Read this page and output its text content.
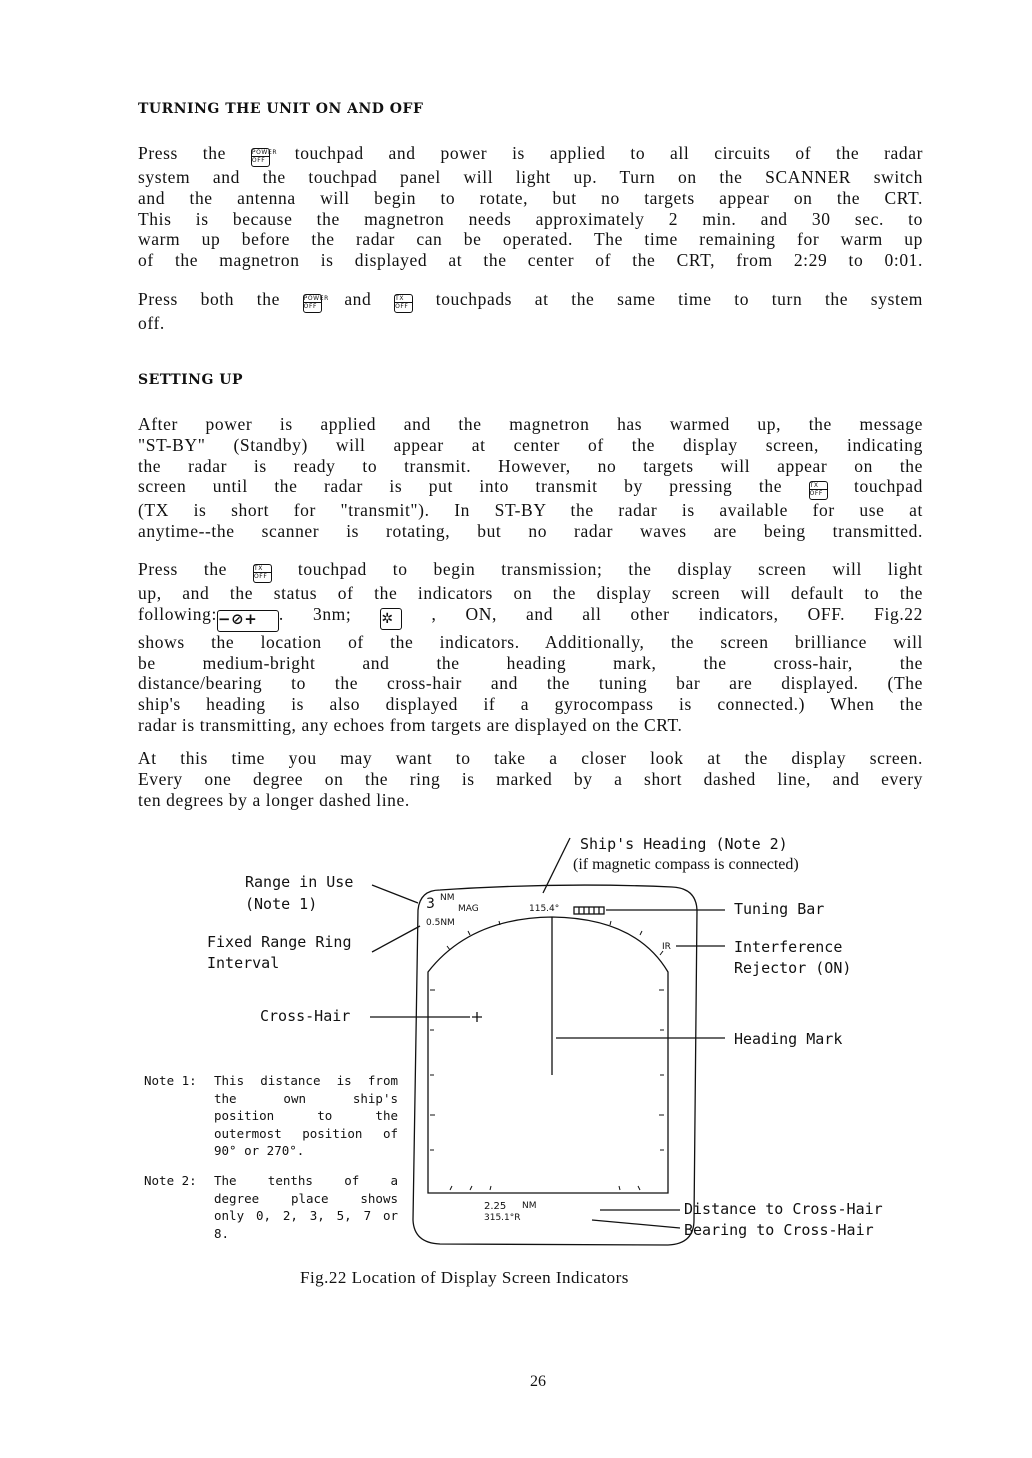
TURNING THE UNIT ON AND OFF
Press the	POWER
OFF touchpad and power is applied to all circuits of the radar
system and the touchpad panel will light up. Turn on the SCANNER switch
and the antenna will begin to rotate, but no targets appear on the CRT.
This is because the magnetron needs approximately 2 min. and 30 sec. to
warm up before the radar can be operated. The time remaining for warm up
of the magnetron is displayed at the center of the CRT, from 2:29 to 0:01.
Press both the	POWER
OFF and	TX
OFF touchpads at the same time to turn the system
off.
SETTING UP
After power is applied and the magnetron has warmed up, the message
"ST-BY" (Standby) will appear at center of the display screen, indicating
the radar is ready to transmit. However, no targets will appear on the
screen until the radar is put into transmit by pressing the	TX
OFF touchpad
(TX is short for "transmit"). In ST-BY the radar is available for use at
anytime--the scanner is rotating, but no radar waves are being transmitted.
Press the	TX
OFF touchpad to begin transmission; the display screen will light
up, and the status of the indicators on the display screen will default to the
following:−⊘+ . 3nm; ✲ , ON, and all other indicators, OFF. Fig.22
shows the location of the indicators. Additionally, the screen brilliance will
be medium-bright and the heading mark, the cross-hair, the
distance/bearing to the cross-hair and the tuning bar are displayed. (The
ship's heading is also displayed if a gyrocompass is connected.) When the
radar is transmitting, any echoes from targets are displayed on the CRT.
At this time you may want to take a closer look at the display screen.
Every one degree on the ring is marked by a short dashed line, and every
ten degrees by a longer dashed line.
Ship's Heading (Note 2)
(if magnetic compass is connected)
Range in Use
(Note 1)
Fixed Range Ring
Interval
Cross-Hair
Tuning Bar
Interference
Rejector (ON)
Heading Mark
Distance to Cross-Hair
Bearing to Cross-Hair
3 NM
MAG	115.4°
0.5NM
IR
2.25 NM
315.1°R
Note 1: This distance is from
the own ship's
position to the
outermost position of
90° or 270°.
Note 2: The tenths of a
degree place shows
only 0, 2, 3, 5, 7 or
8.
Fig.22 Location of Display Screen Indicators
26
